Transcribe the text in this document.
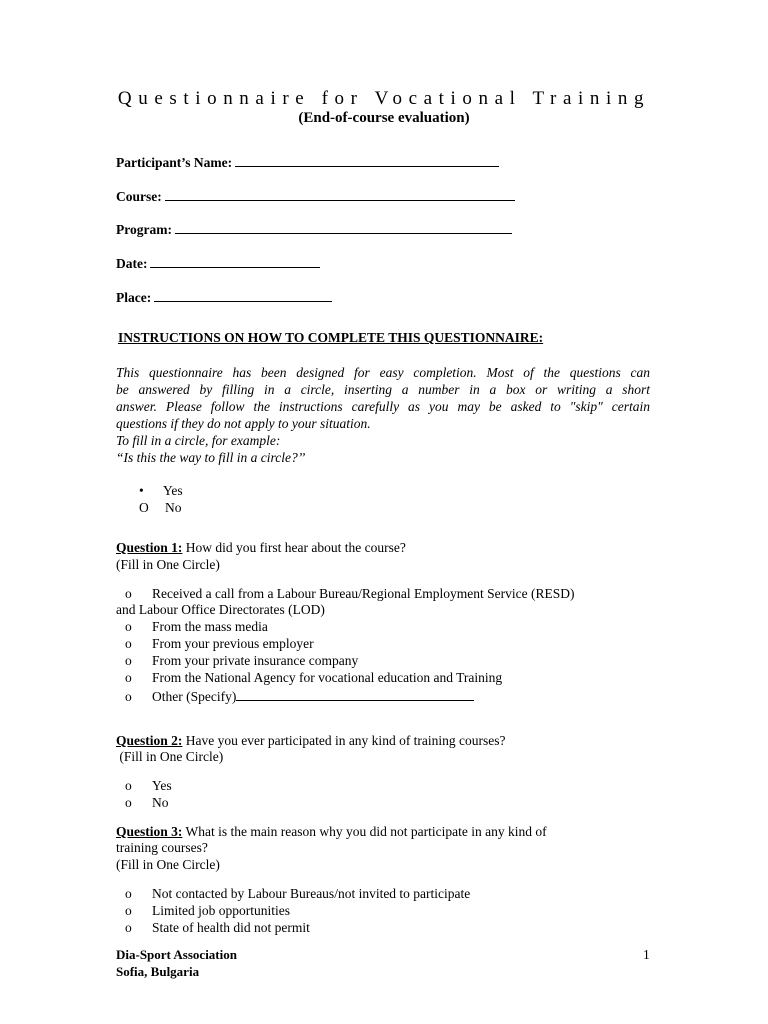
Questionnaire for Vocational Training
(End-of-course evaluation)
Participant’s Name:
Course:
Program:
Date:
Place:
INSTRUCTIONS ON HOW TO COMPLETE THIS QUESTIONNAIRE:
This questionnaire has been designed for easy completion. Most of the questions can
be answered by filling in a circle, inserting a number in a box or writing a short
answer. Please follow the instructions carefully as you may be asked to "skip" certain
questions if they do not apply to your situation.
To fill in a circle, for example:
“Is this the way to fill in a circle?’’
• Yes
O No
Question 1: How did you first hear about the course?
(Fill in One Circle)
o Received a call from a Labour Bureau/Regional Employment Service (RESD)
and Labour Office Directorates (LOD)
o From the mass media
o From your previous employer
o From your private insurance company
o From the National Agency for vocational education and Training
o Other (Specify)
Question 2: Have you ever participated in any kind of training courses?
(Fill in One Circle)
o Yes
o No
Question 3: What is the main reason why you did not participate in any kind of
training courses?
(Fill in One Circle)
o Not contacted by Labour Bureaus/not invited to participate
o Limited job opportunities
o State of health did not permit
Dia-Sport Association
Sofia, Bulgaria
1
